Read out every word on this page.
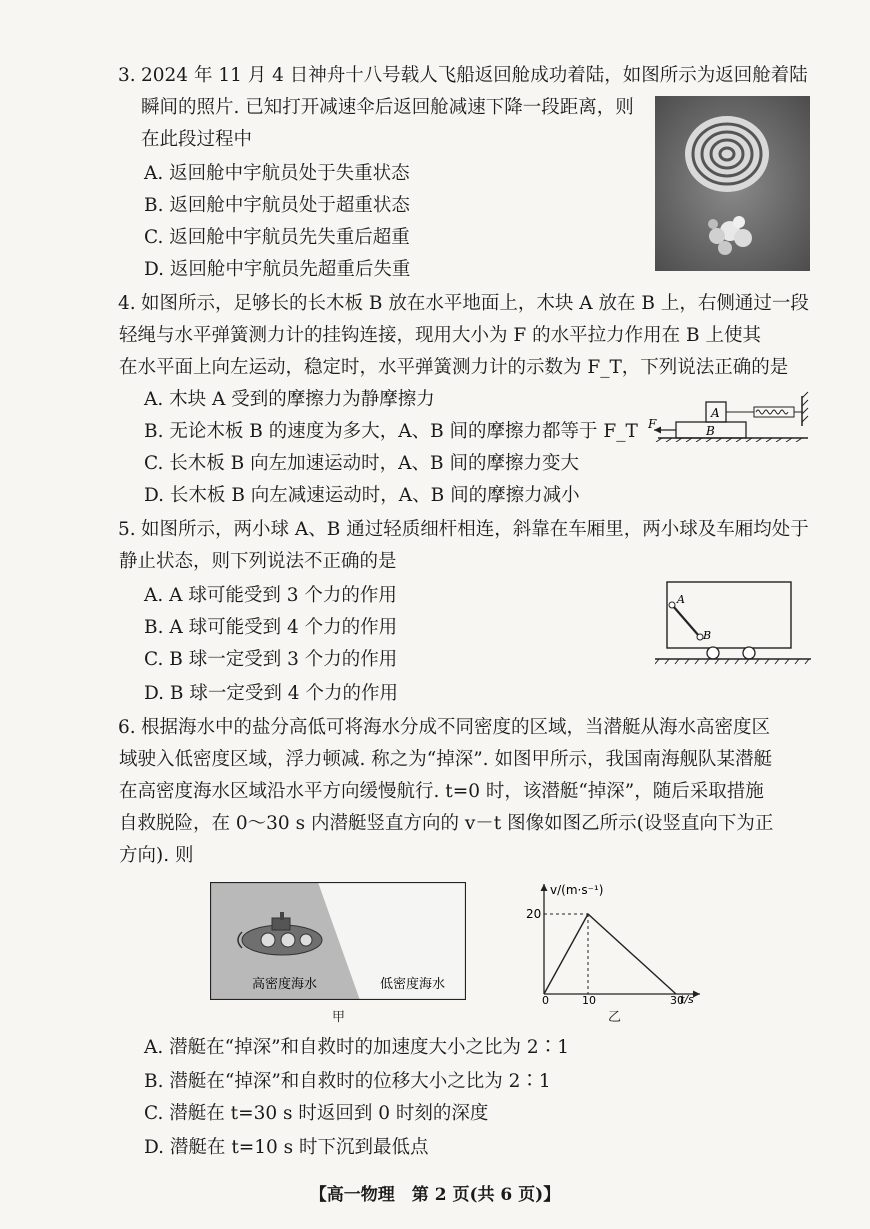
3. 2024 年 11 月 4 日神舟十八号载人飞船返回舱成功着陆，如图所示为返回舱着陆
瞬间的照片. 已知打开减速伞后返回舱减速下降一段距离，则
在此段过程中
A. 返回舱中宇航员处于失重状态
B. 返回舱中宇航员处于超重状态
C. 返回舱中宇航员先失重后超重
D. 返回舱中宇航员先超重后失重
4. 如图所示，足够长的长木板 B 放在水平地面上，木块 A 放在 B 上，右侧通过一段
轻绳与水平弹簧测力计的挂钩连接，现用大小为 F 的水平拉力作用在 B 上使其
在水平面上向左运动，稳定时，水平弹簧测力计的示数为 F_T，下列说法正确的是
A. 木块 A 受到的摩擦力为静摩擦力
B. 无论木板 B 的速度为多大，A、B 间的摩擦力都等于 F_T
C. 长木板 B 向左加速运动时，A、B 间的摩擦力变大
D. 长木板 B 向左减速运动时，A、B 间的摩擦力减小
B
A
F
5. 如图所示，两小球 A、B 通过轻质细杆相连，斜靠在车厢里，两小球及车厢均处于
静止状态，则下列说法不正确的是
A. A 球可能受到 3 个力的作用
B. A 球可能受到 4 个力的作用
C. B 球一定受到 3 个力的作用
D. B 球一定受到 4 个力的作用
A
B
6. 根据海水中的盐分高低可将海水分成不同密度的区域，当潜艇从海水高密度区
域驶入低密度区域，浮力顿减. 称之为“掉深”. 如图甲所示，我国南海舰队某潜艇
在高密度海水区域沿水平方向缓慢航行. t=0 时，该潜艇“掉深”，随后采取措施
自救脱险，在 0～30 s 内潜艇竖直方向的 v－t 图像如图乙所示(设竖直向下为正
方向). 则
高密度海水	低密度海水
甲
v/(m·s⁻¹)
t/s
20
0	10	30
乙
A. 潜艇在“掉深”和自救时的加速度大小之比为 2∶1
B. 潜艇在“掉深”和自救时的位移大小之比为 2∶1
C. 潜艇在 t=30 s 时返回到 0 时刻的深度
D. 潜艇在 t=10 s 时下沉到最低点
【高一物理　第 2 页(共 6 页)】
